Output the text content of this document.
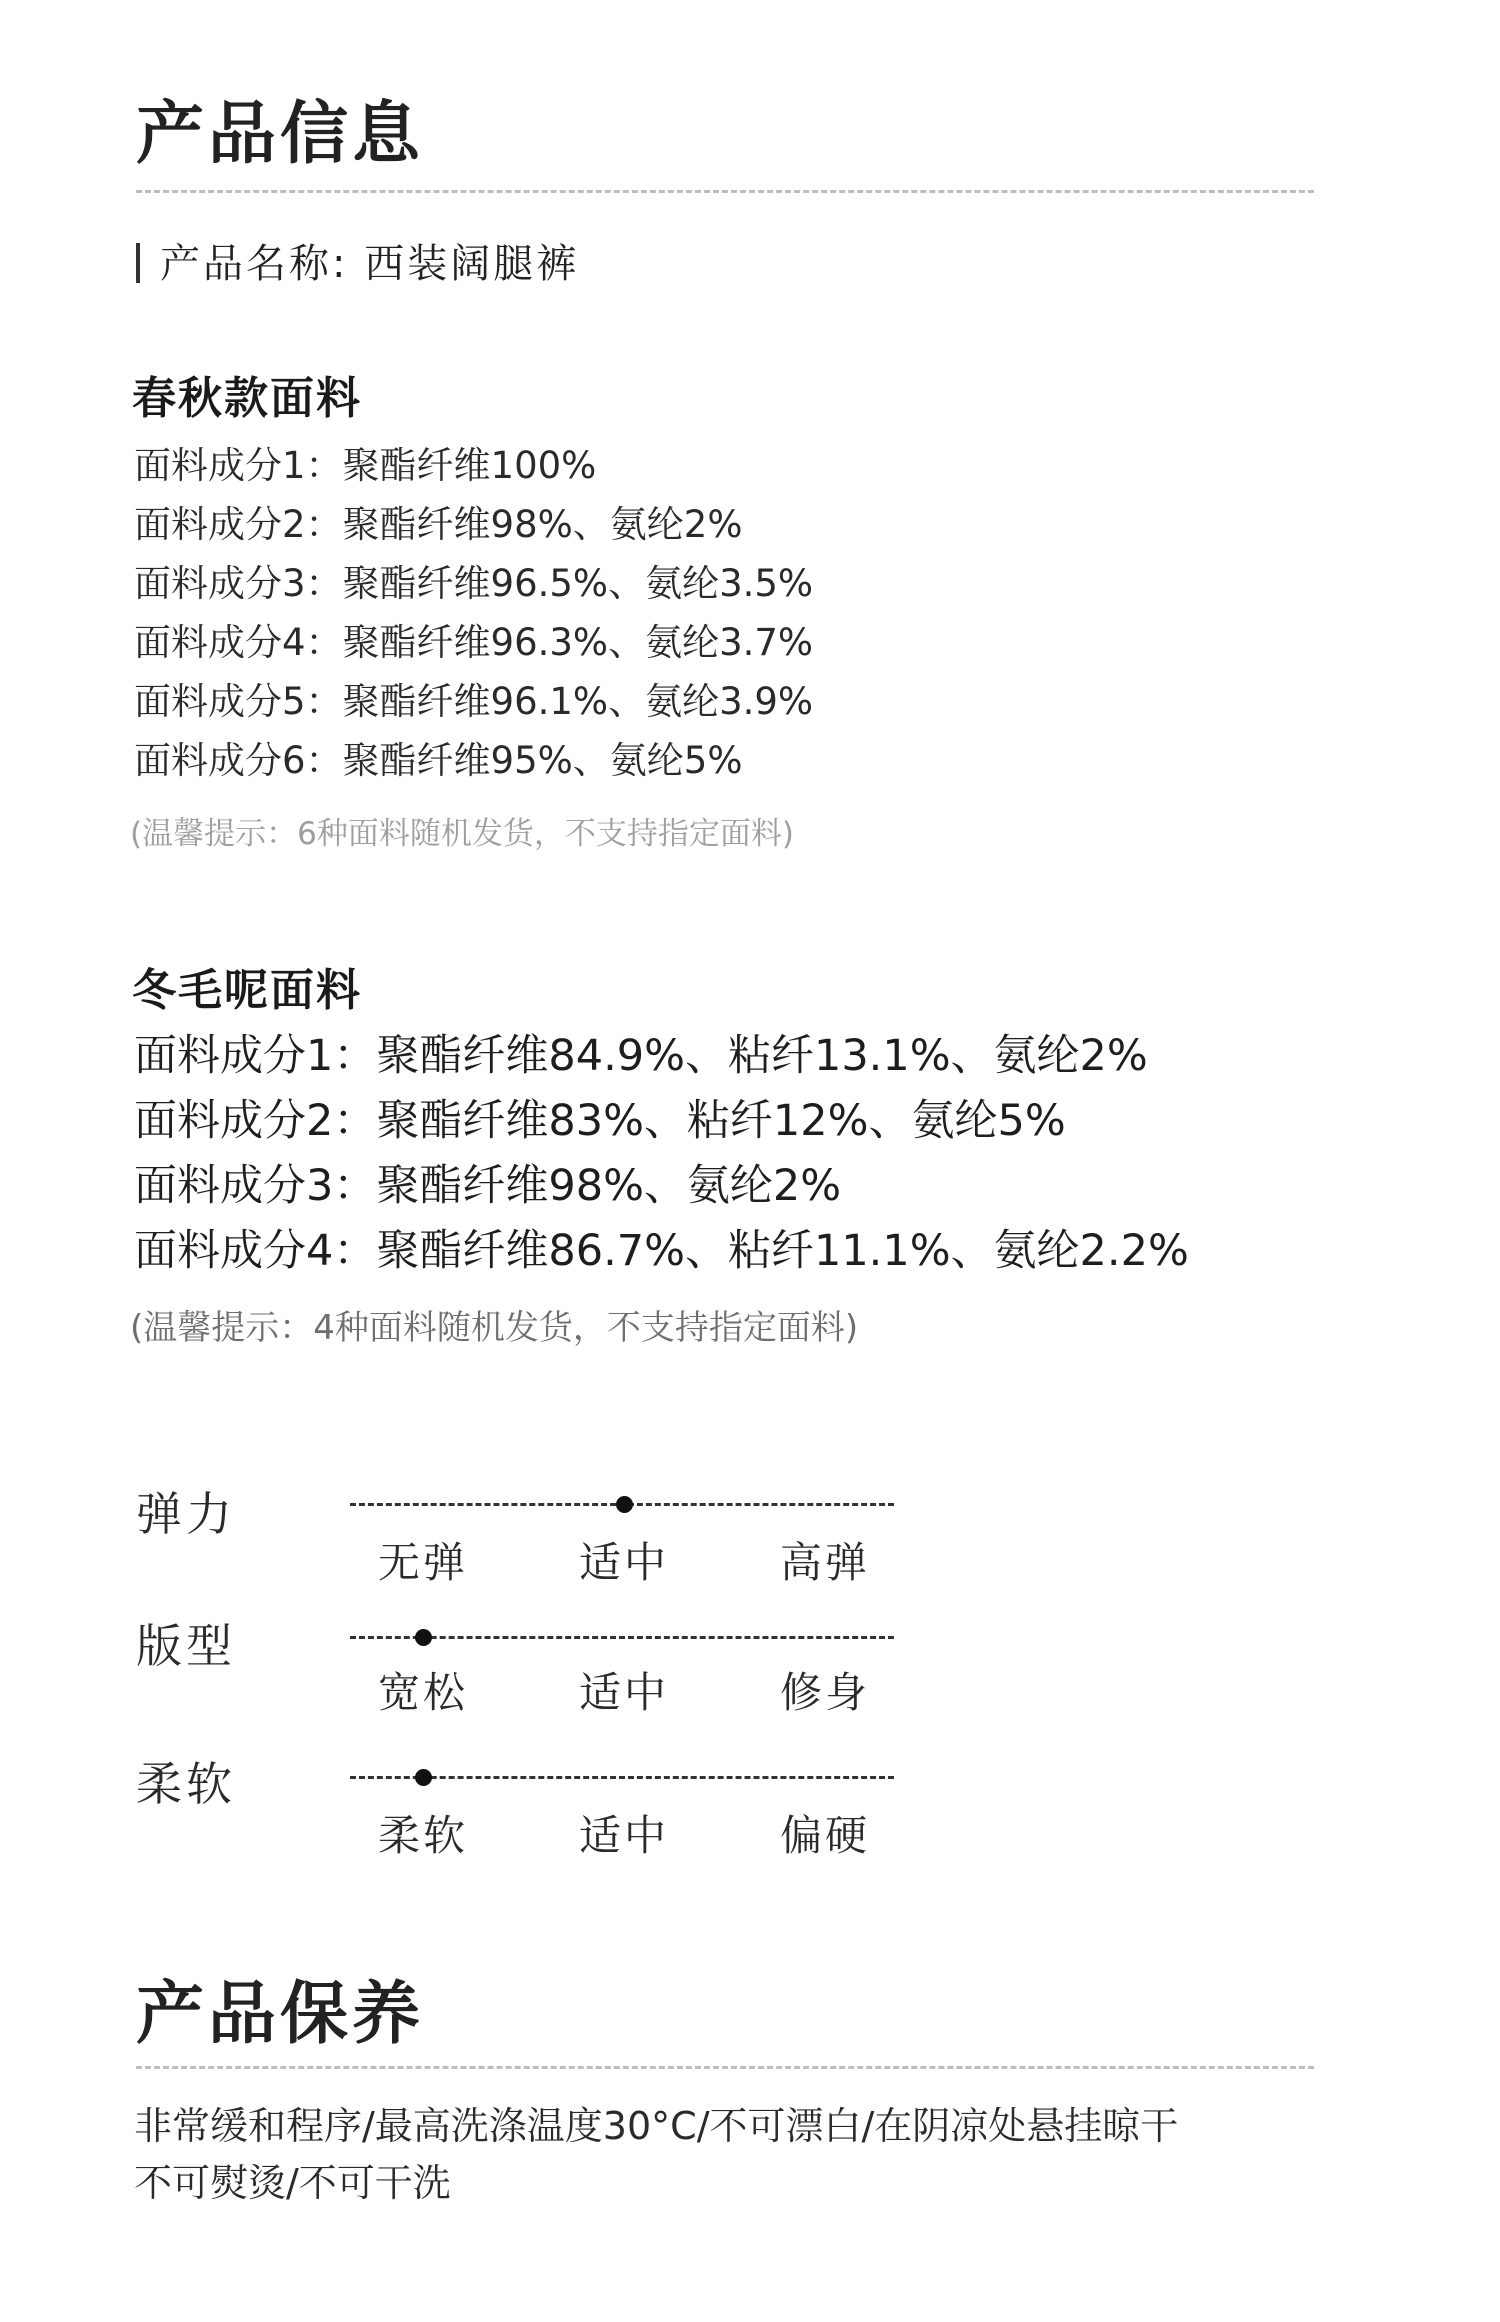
产品信息
产品名称: 西装阔腿裤
春秋款面料
面料成分1：聚酯纤维100%
面料成分2：聚酯纤维98%、氨纶2%
面料成分3：聚酯纤维96.5%、氨纶3.5%
面料成分4：聚酯纤维96.3%、氨纶3.7%
面料成分5：聚酯纤维96.1%、氨纶3.9%
面料成分6：聚酯纤维95%、氨纶5%
(温馨提示：6种面料随机发货，不支持指定面料)
冬毛呢面料
面料成分1：聚酯纤维84.9%、粘纤13.1%、氨纶2%
面料成分2：聚酯纤维83%、粘纤12%、氨纶5%
面料成分3：聚酯纤维98%、氨纶2%
面料成分4：聚酯纤维86.7%、粘纤11.1%、氨纶2.2%
(温馨提示：4种面料随机发货，不支持指定面料)
弹力
无弹	适中	高弹
版型
宽松	适中	修身
柔软
柔软	适中	偏硬
产品保养
非常缓和程序/最高洗涤温度30°C/不可漂白/在阴凉处悬挂晾干
不可熨烫/不可干洗
